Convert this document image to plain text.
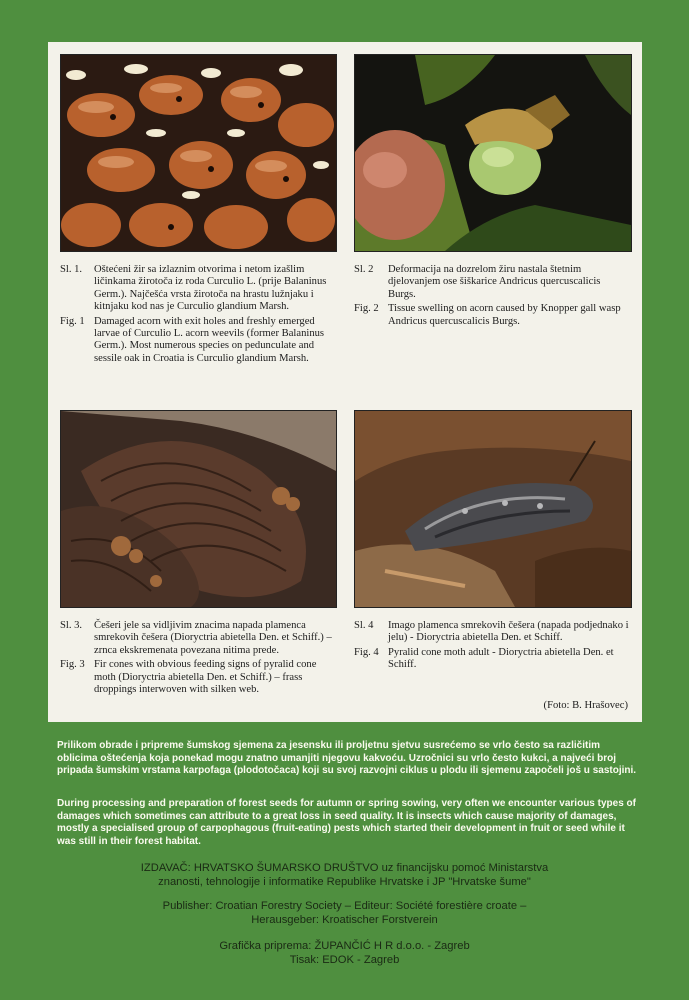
Sl. 1.	Oštećeni žir sa izlaznim otvorima i netom izašlim ličinkama žirotoča iz roda Curculio L. (prije Balaninus Germ.). Najčešća vrsta žirotoča na hrastu lužnjaku i kitnjaku kod nas je Curculio glandium Marsh.
Fig. 1 Damaged acorn with exit holes and freshly emerged larvae of Curculio L. acorn weevils (former Balaninus Germ.). Most numerous species on pedunculate and sessile oak in Croatia is Curculio glandium Marsh.
Sl. 2	Deformacija na dozrelom žiru nastala štetnim djelovanjem ose šiškarice Andricus quercuscalicis Burgs.
Fig. 2 Tissue swelling on acorn caused by Knopper gall wasp Andricus quercuscalicis Burgs.
Sl. 3.	Češeri jele sa vidljivim znacima napada plamenca smrekovih češera (Dioryctria abietella Den. et Schiff.) – zrnca ekskremenata povezana nitima prede.
Fig. 3 Fir cones with obvious feeding signs of pyralid cone moth (Dioryctria abietella Den. et Schiff.) – frass droppings interwoven with silken web.
Sl. 4	Imago plamenca smrekovih češera (napada podjednako i jelu) - Dioryctria abietella Den. et Schiff.
Fig. 4 Pyralid cone moth adult - Dioryctria abietella Den. et Schiff.
(Foto: B. Hrašovec)
Prilikom obrade i pripreme šumskog sjemena za jesensku ili proljetnu sjetvu susrećemo se vrlo često sa različitim oblicima oštećenja koja ponekad mogu znatno umanjiti njegovu kakvoću. Uzročnici su vrlo često kukci, a najveći broj pripada šumskim vrstama karpofaga (plodotočaca) koji su svoj razvojni ciklus u plodu ili sjemenu započeli još u sastojini.
During processing and preparation of forest seeds for autumn or spring sowing, very often we encounter various types of damages which sometimes can attribute to a great loss in seed quality. It is insects which cause majority of damages, mostly a specialised group of carpophagous (fruit-eating) pests which started their development in fruit or seed while it was still in their forest habitat.
IZDAVAČ: HRVATSKO ŠUMARSKO DRUŠTVO uz financijsku pomoć Ministarstva
znanosti, tehnologije i informatike Republike Hrvatske i JP "Hrvatske šume"
Publisher: Croatian Forestry Society – Editeur: Société forestière croate –
Herausgeber: Kroatischer Forstverein
Grafička priprema: ŽUPANČIĆ H R d.o.o. - Zagreb
Tisak: EDOK - Zagreb
